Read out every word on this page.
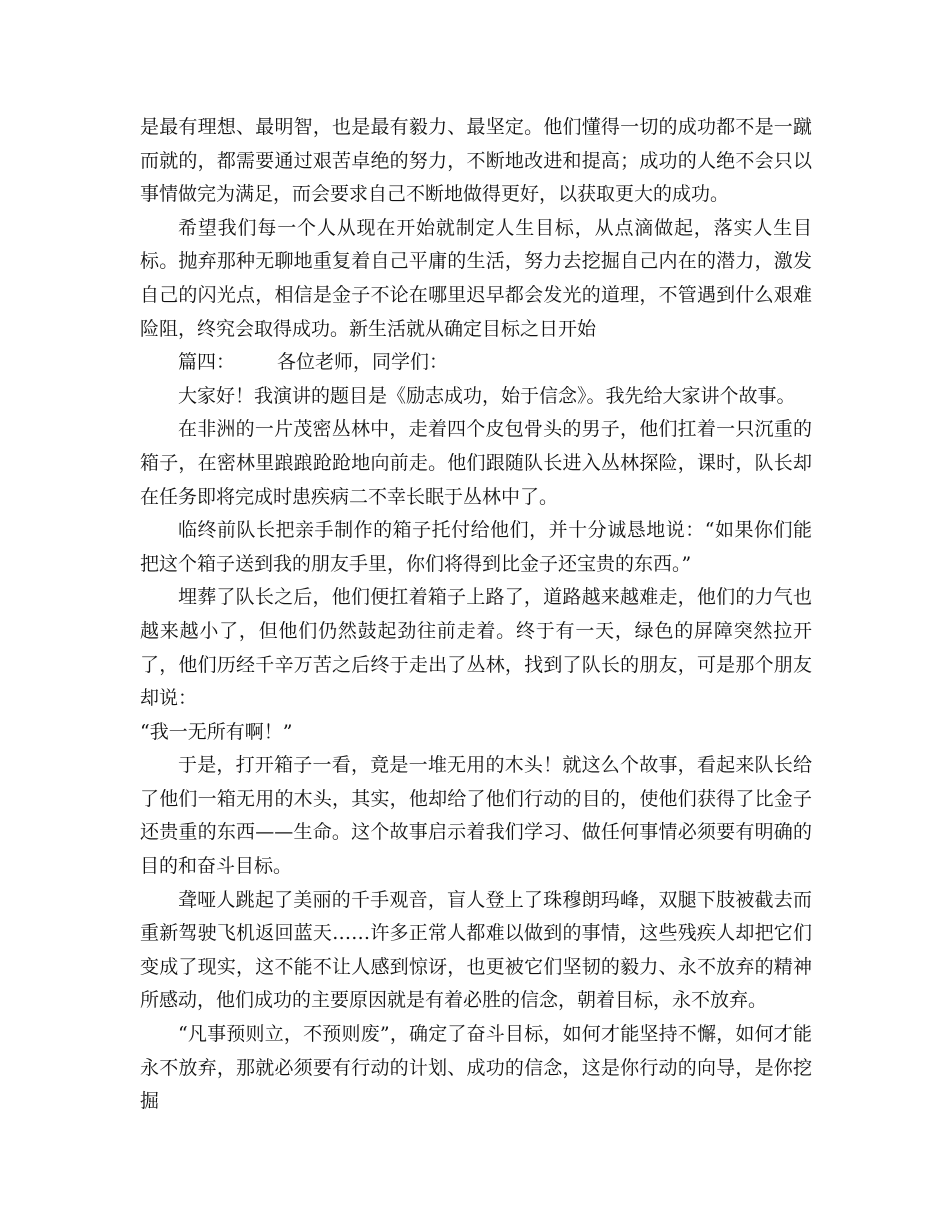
是最有理想、最明智，也是最有毅力、最坚定。他们懂得一切的成功都不是一蹴而就的，都需要通过艰苦卓绝的努力，不断地改进和提高；成功的人绝不会只以事情做完为满足，而会要求自己不断地做得更好，以获取更大的成功。

希望我们每一个人从现在开始就制定人生目标，从点滴做起，落实人生目标。抛弃那种无聊地重复着自己平庸的生活，努力去挖掘自己内在的潜力，激发自己的闪光点，相信是金子不论在哪里迟早都会发光的道理，不管遇到什么艰难险阻，终究会取得成功。新生活就从确定目标之日开始

篇四： 各位老师，同学们：

大家好！我演讲的题目是《励志成功，始于信念》。我先给大家讲个故事。

在非洲的一片茂密丛林中，走着四个皮包骨头的男子，他们扛着一只沉重的箱子，在密林里踉踉跄跄地向前走。他们跟随队长进入丛林探险，课时，队长却在任务即将完成时患疾病二不幸长眠于丛林中了。

临终前队长把亲手制作的箱子托付给他们，并十分诚恳地说：“如果你们能把这个箱子送到我的朋友手里，你们将得到比金子还宝贵的东西。”

埋葬了队长之后，他们便扛着箱子上路了，道路越来越难走，他们的力气也越来越小了，但他们仍然鼓起劲往前走着。终于有一天，绿色的屏障突然拉开了，他们历经千辛万苦之后终于走出了丛林，找到了队长的朋友，可是那个朋友却说：

“我一无所有啊！”

于是，打开箱子一看，竟是一堆无用的木头！就这么个故事，看起来队长给了他们一箱无用的木头，其实，他却给了他们行动的目的，使他们获得了比金子还贵重的东西——生命。这个故事启示着我们学习、做任何事情必须要有明确的目的和奋斗目标。

聋哑人跳起了美丽的千手观音，盲人登上了珠穆朗玛峰，双腿下肢被截去而重新驾驶飞机返回蓝天……许多正常人都难以做到的事情，这些残疾人却把它们变成了现实，这不能不让人感到惊讶，也更被它们坚韧的毅力、永不放弃的精神所感动，他们成功的主要原因就是有着必胜的信念，朝着目标，永不放弃。

“凡事预则立，不预则废”，确定了奋斗目标，如何才能坚持不懈，如何才能永不放弃，那就必须要有行动的计划、成功的信念，这是你行动的向导，是你挖掘
